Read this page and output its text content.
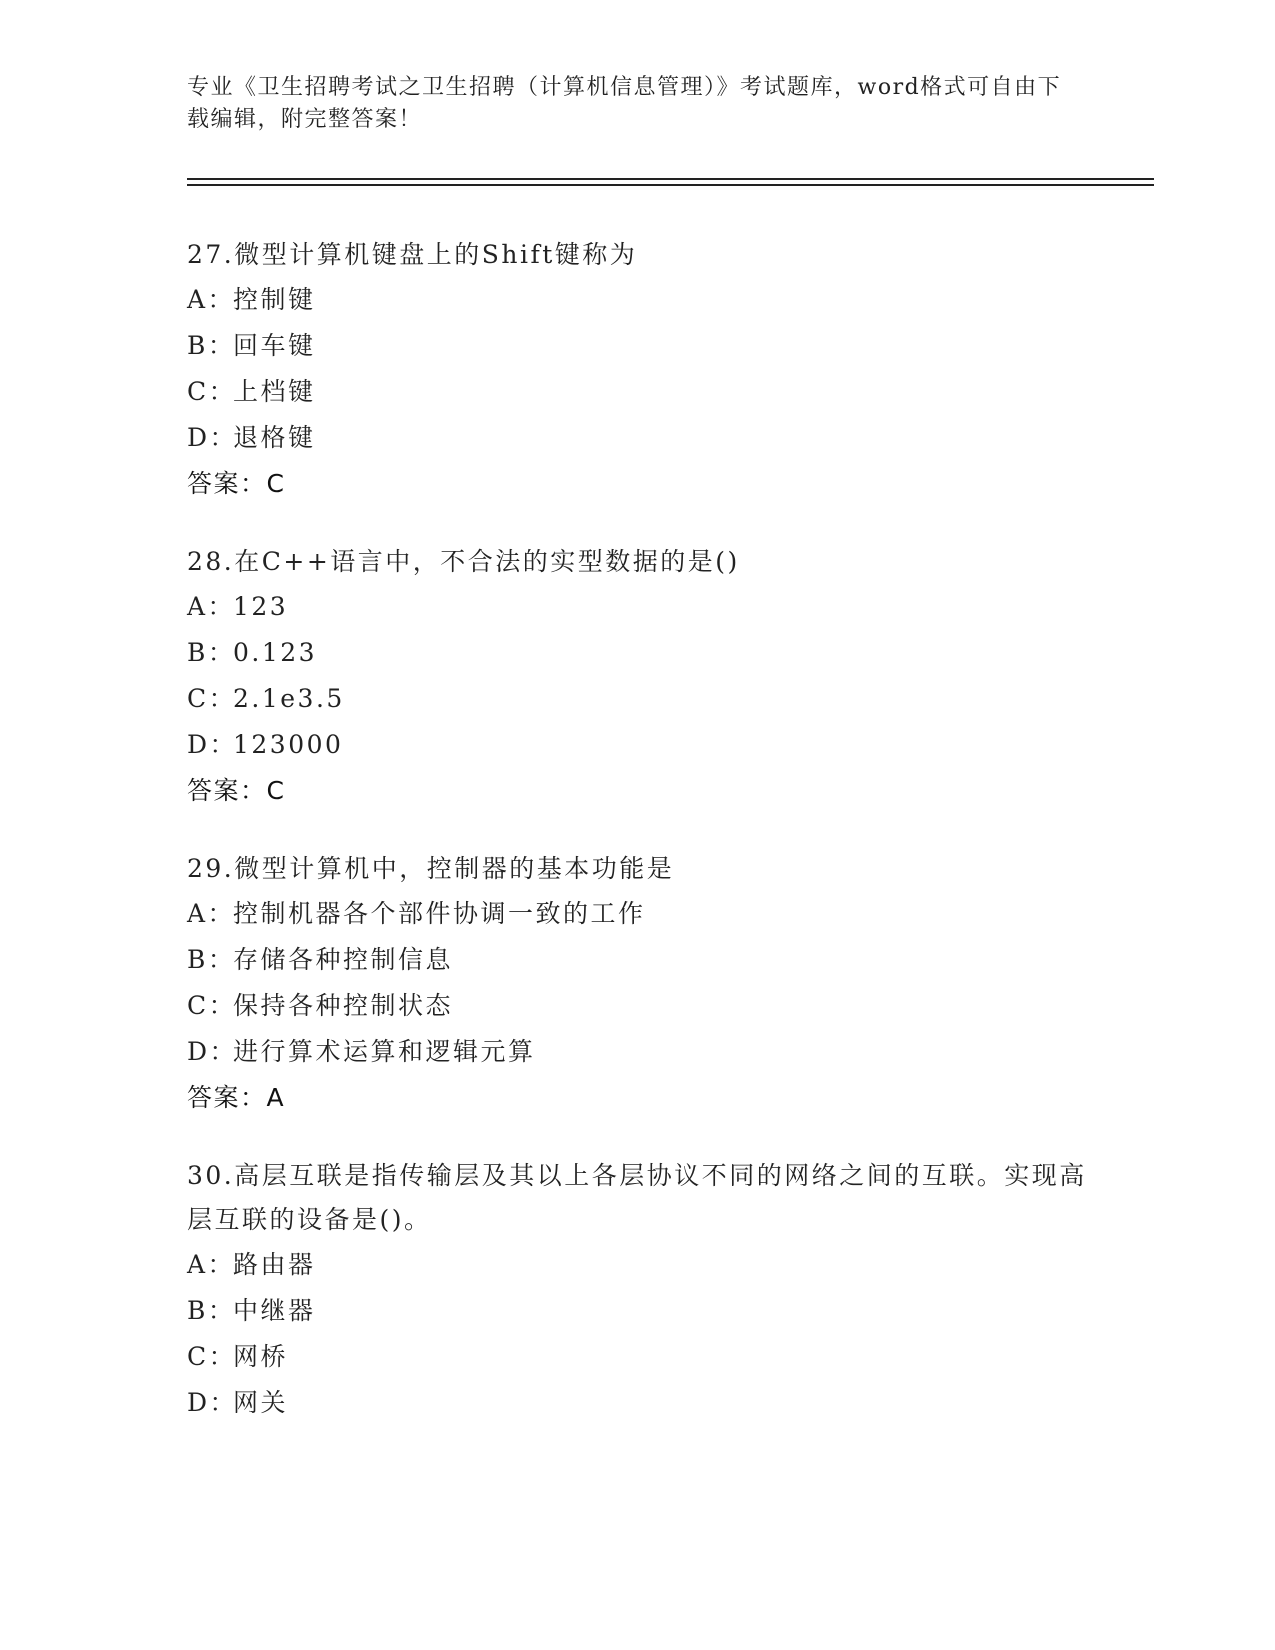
专业《卫生招聘考试之卫生招聘（计算机信息管理）》考试题库，word格式可自由下载编辑，附完整答案！
27.微型计算机键盘上的Shift键称为
A：控制键
B：回车键
C：上档键
D：退格键
答案：C
28.在C++语言中，不合法的实型数据的是()
A：123
B：0.123
C：2.1e3.5
D：123000
答案：C
29.微型计算机中，控制器的基本功能是
A：控制机器各个部件协调一致的工作
B：存储各种控制信息
C：保持各种控制状态
D：进行算术运算和逻辑元算
答案：A
30.高层互联是指传输层及其以上各层协议不同的网络之间的互联。实现高层互联的设备是()。
A：路由器
B：中继器
C：网桥
D：网关
